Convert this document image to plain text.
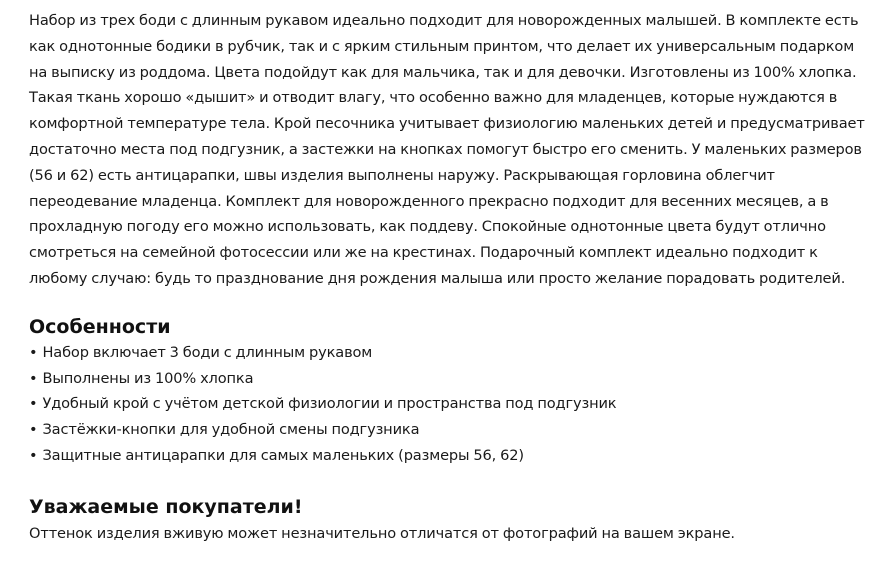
Набор из трех боди с длинным рукавом идеально подходит для новорожденных малышей. В комплекте есть как однотонные бодики в рубчик, так и с ярким стильным принтом, что делает их универсальным подарком на выписку из роддома. Цвета подойдут как для мальчика, так и для девочки. Изготовлены из 100% хлопка. Такая ткань хорошо «дышит» и отводит влагу, что особенно важно для младенцев, которые нуждаются в комфортной температуре тела. Крой песочника учитывает физиологию маленьких детей и предусматривает достаточно места под подгузник, а застежки на кнопках помогут быстро его сменить. У маленьких размеров (56 и 62) есть антицарапки, швы изделия выполнены наружу. Раскрывающая горловина облегчит переодевание младенца. Комплект для новорожденного прекрасно подходит для весенних месяцев, а в прохладную погоду его можно использовать, как поддеву. Спокойные однотонные цвета будут отлично смотреться на семейной фотосессии или же на крестинах. Подарочный комплект идеально подходит к любому случаю: будь то празднование дня рождения малыша или просто желание порадовать родителей.

Особенности
• Набор включает 3 боди с длинным рукавом
• Выполнены из 100% хлопка
• Удобный крой с учётом детской физиологии и пространства под подгузник
• Застёжки-кнопки для удобной смены подгузника
• Защитные антицарапки для самых маленьких (размеры 56, 62)
Уважаемые покупатели!

Оттенок изделия вживую может незначительно отличатся от фотографий на вашем экране.
